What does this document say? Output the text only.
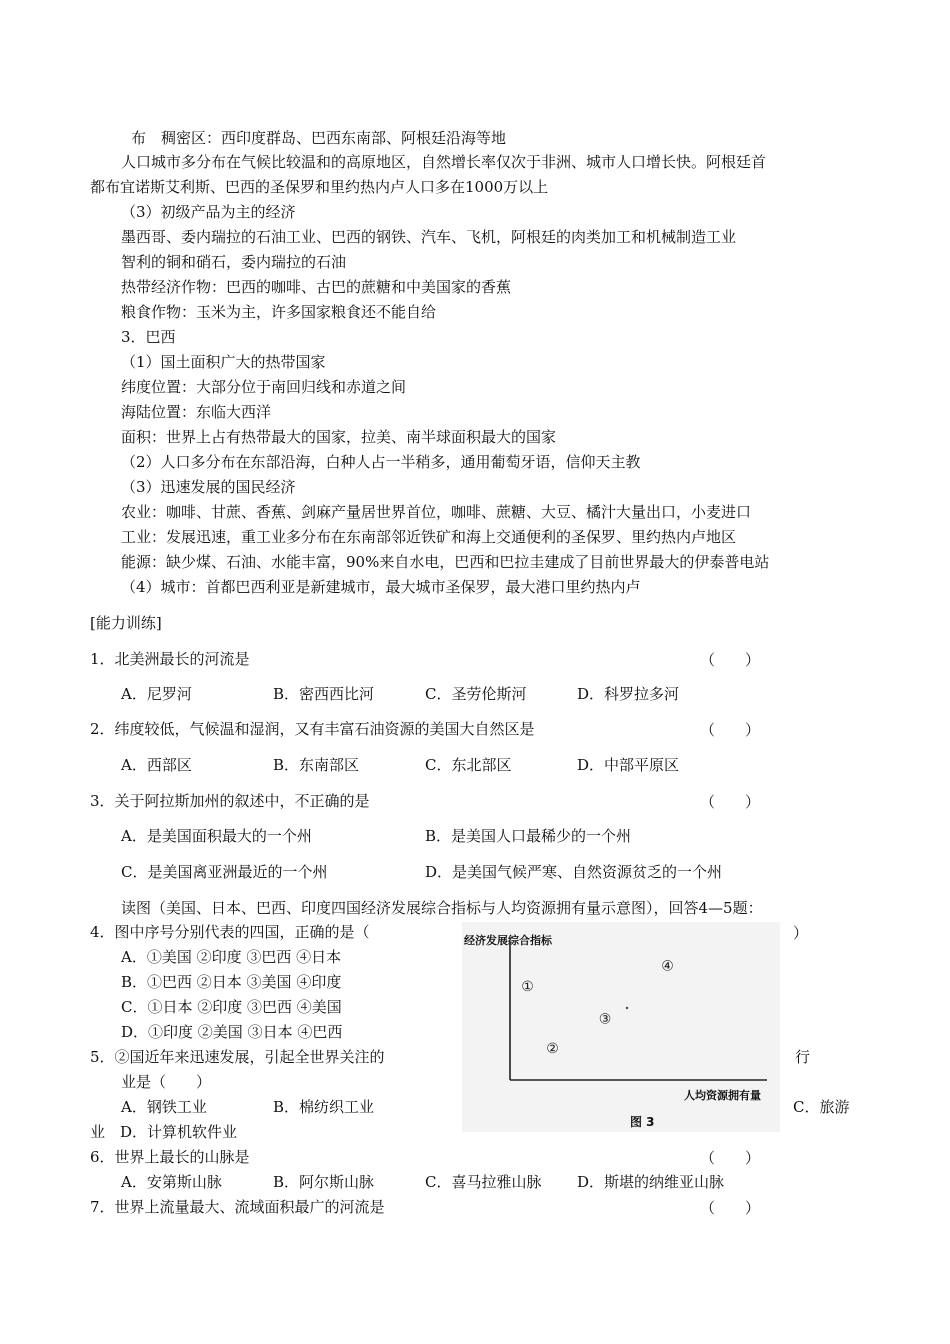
布　稠密区：西印度群岛、巴西东南部、阿根廷沿海等地
人口城市多分布在气候比较温和的高原地区，自然增长率仅次于非洲、城市人口增长快。阿根廷首
都布宜诺斯艾利斯、巴西的圣保罗和里约热内卢人口多在1000万以上
（3）初级产品为主的经济
墨西哥、委内瑞拉的石油工业、巴西的钢铁、汽车、飞机，阿根廷的肉类加工和机械制造工业
智利的铜和硝石，委内瑞拉的石油
热带经济作物：巴西的咖啡、古巴的蔗糖和中美国家的香蕉
粮食作物：玉米为主，许多国家粮食还不能自给
3．巴西
（1）国土面积广大的热带国家
纬度位置：大部分位于南回归线和赤道之间
海陆位置：东临大西洋
面积：世界上占有热带最大的国家，拉美、南半球面积最大的国家
（2）人口多分布在东部沿海，白种人占一半稍多，通用葡萄牙语，信仰天主教
（3）迅速发展的国民经济
农业：咖啡、甘蔗、香蕉、剑麻产量居世界首位，咖啡、蔗糖、大豆、橘汁大量出口，小麦进口
工业：发展迅速，重工业多分布在东南部邻近铁矿和海上交通便利的圣保罗、里约热内卢地区
能源：缺少煤、石油、水能丰富，90%来自水电，巴西和巴拉圭建成了目前世界最大的伊泰普电站
（4）城市：首都巴西利亚是新建城市，最大城市圣保罗，最大港口里约热内卢
[能力训练]
1．北美洲最长的河流是
A．尼罗河	B．密西西比河	C．圣劳伦斯河	D．科罗拉多河
2．纬度较低，气候温和湿润，又有丰富石油资源的美国大自然区是
A．西部区	B．东南部区	C．东北部区	D．中部平原区
3．关于阿拉斯加州的叙述中，不正确的是
A．是美国面积最大的一个州	B．是美国人口最稀少的一个州
C．是美国离亚洲最近的一个州	D．是美国气候严寒、自然资源贫乏的一个州
读图（美国、日本、巴西、印度四国经济发展综合指标与人均资源拥有量示意图），回答4—5题：
4．图中序号分别代表的四国，正确的是（
A．①美国 ②印度 ③巴西 ④日本
B．①巴西 ②日本 ③美国 ④印度
C．①日本 ②印度 ③巴西 ④美国
D．①印度 ②美国 ③日本 ④巴西
5．②国近年来迅速发展，引起全世界关注的	行
业是（　　）
A．钢铁工业	B．棉纺织工业	C．旅游
业　D．计算机软件业
6．世界上最长的山脉是
A．安第斯山脉	B．阿尔斯山脉	C．喜马拉雅山脉 D．斯堪的纳维亚山脉
7．世界上流量最大、流域面积最广的河流是
（　　）
（　　）
（　　）
（　　）
（　　）
）
经济发展综合指标
人均资源拥有量
图 3
①
②
③
④
